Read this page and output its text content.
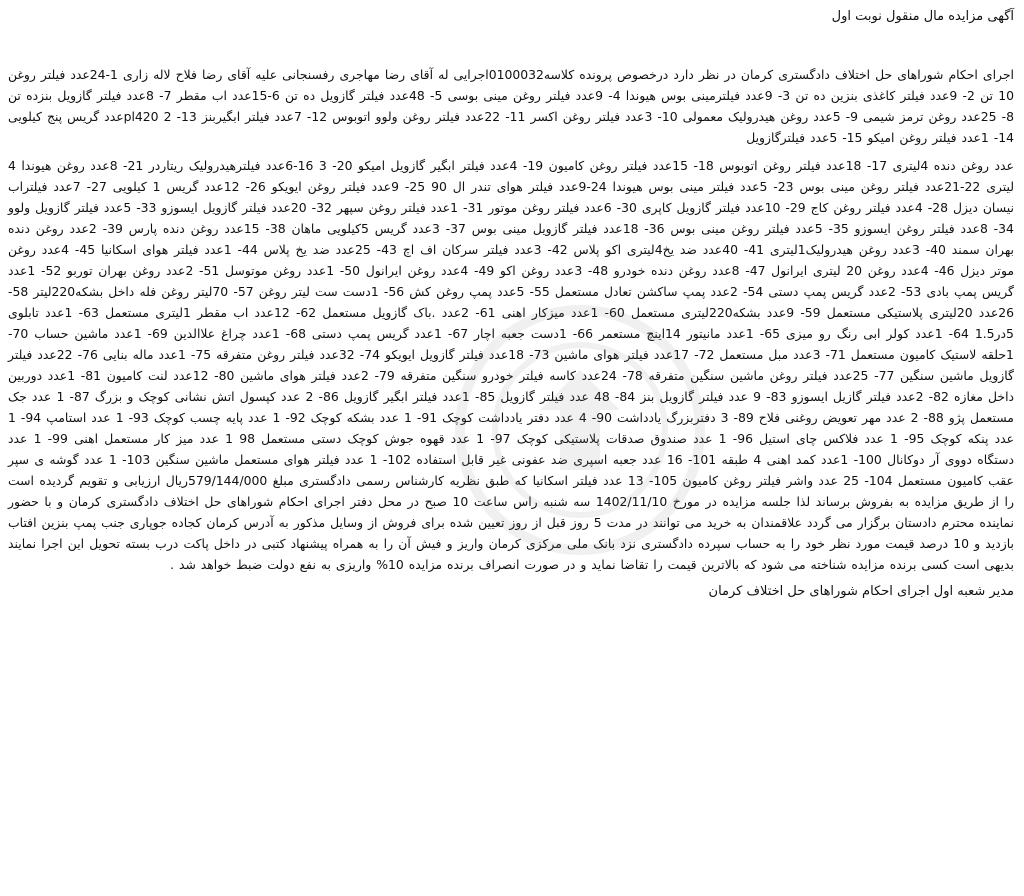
آگهی مزایده مال منقول نوبت اول
اجرای احکام شوراهای حل اختلاف دادگستری کرمان در نظر دارد درخصوص پرونده کلاسه0100032اجرایی له آقای رضا مهاجری رفسنجانی علیه آقای رضا فلاح لاله زاری 1-24عدد فیلتر روغن 10 تن 2- 9عدد فیلتر کاغذی بنزین ده تن 3- 9عدد فیلترمینی بوس هیوندا 4- 9عدد فیلتر روغن مینی بوسی 5- 48عدد فیلتر گازویل ده تن 6-15عدد اب مقطر 7- 8عدد فیلتر گازویل بنزده تن 8- 25عدد روغن ترمز شیمی 9- 5عدد روغن هیدرولیک معمولی 10- 3عدد فیلتر روغن اکسر 11- 22عدد فیلتر روغن ولوو اتوبوس 12- 7عدد فیلتر ابگیربنز 13- pl420 2عدد گریس پنج کیلویی 14- 1عدد فیلتر روغن امیکو 15- 5عدد فیلترگازویل
عدد روغن دنده 4لیتری 17- 18عدد فیلتر روغن اتوبوس 18- 15عدد فیلتر روغن کامیون 19- 4عدد فیلتر ابگیر گازویل امیکو 20- 3 16-6عدد فیلترهیدرولیک ریتاردر 21- 8عدد روغن هیوندا 4 لیتری 22-21عدد فیلتر روغن مینی بوس 23- 5عدد فیلتر مینی بوس هیوندا 24-9عدد فیلتر هوای تندر ال 90 25- 9عدد فیلتر روغن ایویکو 26- 12عدد گریس 1 کیلویی 27- 7عدد فیلتراب نیسان دیزل 28- 4عدد فیلتر روغن کاج 29- 10عدد فیلتر گازویل کاپری 30- 6عدد فیلتر روغن موتور 31- 1عدد فیلتر روغن سپهر 32- 20عدد فیلتر گازویل ایسوزو 33- 5عدد فیلتر گازویل ولوو 34- 8عدد فیلتر روغن ایسوزو 35- 5عدد فیلتر روغن مینی بوس 36- 18عدد فیلتر گازویل مینی بوس 37- 3عدد گریس 5کیلویی ماهان 38- 15عدد روغن دنده پارس 39- 2عدد روغن دنده بهران سمند 40- 3عدد روغن هیدرولیک1لیتری 41- 40عدد ضد یخ4لیتری اکو پلاس 42- 3عدد فیلتر سرکان اف اچ 43- 25عدد ضد یخ پلاس 44- 1عدد فیلتر هوای اسکانیا 45- 4عدد روغن موتر دیزل 46- 4عدد روغن 20 لیتری ایرانول 47- 8عدد روغن دنده خودرو 48- 3عدد روغن اکو 49- 4عدد روغن ایرانول 50- 1عدد روغن موتوسل 51- 2عدد روغن بهران توربو 52- 1عدد گریس پمپ بادی 53- 2عدد گریس پمپ دستی 54- 2عدد پمپ ساکشن تعادل مستعمل 55- 5عدد پمپ روغن کش 56- 1دست ست لیتر روغن 57- 70لیتر روغن فله داخل بشکه220لیتر 58- 26عدد 20لیتری پلاستیکی مستعمل 59- 9عدد بشکه220لیتری مستعمل 60- 1عدد میزکار اهنی 61- 2عدد .باک گازویل مستعمل 62- 12عدد اب مقطر 1لیتری مستعمل 63- 1عدد تابلوی 5در1.5 64- 1عدد کولر ابی رنگ رو میزی 65- 1عدد مانیتور 14اینچ مستعمر 66- 1دست جعبه اچار 67- 1عدد گریس پمپ دستی 68- 1عدد چراغ علاالدین 69- 1عدد ماشین حساب 70- 1حلقه لاستیک کامیون مستعمل 71- 3عدد مبل مستعمل 72- 17عدد فیلتر هوای ماشین 73- 18عدد فیلتر گازویل ایویکو 74- 32عدد فیلتر روغن متفرقه 75- 1عدد ماله بنایی 76- 22عدد فیلتر گازویل ماشین سنگین 77- 25عدد فیلتر روغن ماشین سنگین متفرقه 78- 24عدد کاسه فیلتر خودرو سنگین متفرقه 79- 2عدد فیلتر هوای ماشین 80- 12عدد لنت کامیون 81- 1عدد دوربین داخل مغازه 82- 2عدد فیلتر گازیل ایسوزو 83- 9 عدد فیلتر گازویل بنز 84- 48 عدد فیلتر گازویل 85- 1عدد فیلتر ابگیر گازویل 86- 2 عدد کپسول اتش نشانی کوچک و بزرگ 87- 1 عدد جک مستعمل پژو 88- 2 عدد مهر تعویض روغنی فلاح 89- 3 دفتربزرگ یادداشت 90- 4 عدد دفتر یادداشت کوچک 91- 1 عدد بشکه کوچک 92- 1 عدد پایه چسب کوچک 93- 1 عدد استامپ 94- 1 عدد پنکه کوچک 95- 1 عدد فلاکس چای استیل 96- 1 عدد صندوق صدقات پلاستیکی کوچک 97- 1 عدد قهوه جوش کوچک دستی مستعمل 98 1 عدد میز کار مستعمل اهنی 99- 1 عدد دستگاه دووی آر دوکانال 100- 1عدد کمد اهنی 4 طبقه 101- 16 عدد جعبه اسپری ضد عفونی غیر قابل استفاده 102- 1 عدد فیلتر هوای مستعمل ماشین سنگین 103- 1 عدد گوشه ی سپر عقب کامیون مستعمل 104- 25 عدد واشر فیلتر روغن کامیون 105- 13 عدد فیلتر اسکانیا که طبق نظریه کارشناس رسمی دادگستری مبلغ 579/144/000ریال ارزیابی و تقویم گردیده است را از طریق مزایده به بفروش برساند لذا جلسه مزایده در مورخ 1402/11/10 سه شنبه راس ساعت 10 صبح در محل دفتر اجرای احکام شوراهای حل اختلاف دادگستری کرمان و با حضور نماینده محترم دادستان برگزار می گردد علاقمندان به خرید می توانند در مدت 5 روز قبل از روز تعیین شده برای فروش از وسایل مذکور به آدرس کرمان کجاده جوپاری جنب پمپ بنزین افتاب بازدید و 10 درصد قیمت مورد نظر خود را به حساب سپرده دادگستری نزد بانک ملی مرکزی کرمان واریز و فیش آن را به همراه پیشنهاد کتبی در داخل پاکت درب بسته تحویل این اجرا نمایند بدیهی است کسی برنده مزایده شناخته می شود که بالاترین قیمت را تقاضا نماید و در صورت انصراف برنده مزایده 10% واریزی به نفع دولت ضبط خواهد شد .
مدیر شعبه اول اجرای احکام شوراهای حل اختلاف کرمان
